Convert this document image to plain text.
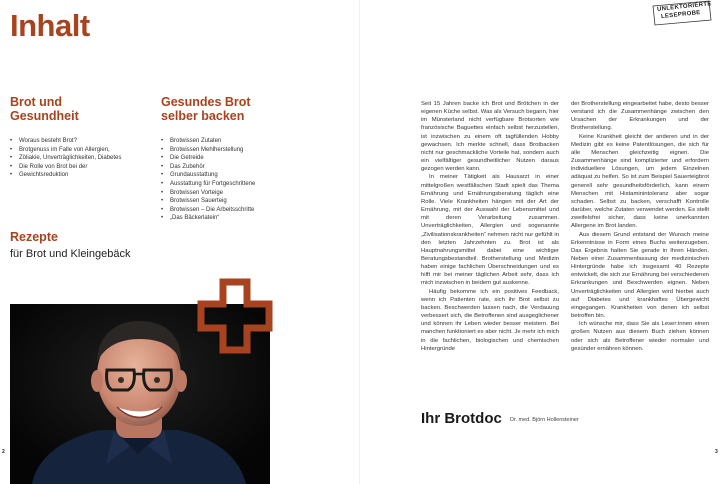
Inhalt
Brot und
Gesundheit
• Woraus besteht Brot?
• Brotgenuss im Falle von Allergien,
• Zöliakie, Unverträglichkeiten, Diabetes
• Die Rolle von Brot bei der
• Gewichtsreduktion
Gesundes Brot
selber backen
• Brotwissen Zutaten
• Brotwissen Mehlherstellung
• Die Getreide
• Das Zubehör
• Grundausstattung
• Ausstattung für Fortgeschrittene
• Brotwissen Vorteige
• Brotwissen Sauerteig
• Brotwissen – Die Arbeitsschritte
• „Das Bäckerlatein“
Rezepte

für Brot und Kleingebäck

2
UNLEKTORIERTE
LESEPROBE

Seit 15 Jahren backe ich Brot und Brötchen in der eigenen Küche selbst. Was als Versuch begann, hier im Münsterland nicht verfügbare Brotsorten wie französische Baguettes einfach selbst herzustellen, ist inzwischen zu einem oft tagfüllenden Hobby gewachsen. Ich merkte schnell, dass Brotbacken nicht nur geschmackliche Vorteile hat, sondern auch ein vielfältiger gesundheitlicher Nutzen daraus gezogen werden kann.

In meiner Tätigkeit als Hausarzt in einer mittelgroßen westfälischen Stadt spielt das Thema Ernährung und Ernährungsberatung täglich eine Rolle. Viele Krankheiten hängen mit der Art der Ernährung, mit der Auswahl der Lebensmittel und mit deren Verarbeitung zusammen. Unverträglichkeiten, Allergien und sogenannte „Zivilisationskrankheiten“ nehmen nicht nur gefühlt in den letzten Jahrzehnten zu. Brot ist als Hauptnahrungsmittel dabei eine wichtiger Beratungsbestandteil. Brotherstellung und Medizin haben einige fachlichen Überschneidungen und es hilft mir bei meiner täglichen Arbeit sehr, dass ich mich inzwischen in beidem gut auskenne.

Häufig bekomme ich ein positives Feedback, wenn ich Patienten rate, sich ihr Brot selbst zu backen. Beschwerden lassen nach, die Verdauung verbessert sich, die Betroffenen sind ausgeglichener und können ihr Leben wieder besser meistern. Bei manchen funktioniert es aber nicht. Je mehr ich mich in die fachlichen, biologischen und chemischen Hintergründe

der Brotherstellung eingearbeitet habe, desto besser verstand ich die Zusammenhänge zwischen den Ursachen der Erkrankungen und der Brotherstellung.

Keine Krankheit gleicht der anderen und in der Medizin gibt es keine Patentlösungen, die sich für alle Menschen gleichzeitig eignen. Die Zusammenhänge sind komplizierter und erfordern individuellere Lösungen, um jedem Einzelnen adäquat zu helfen. So ist zum Beispiel Sauerteigbrot generell sehr gesundheitsförderlich, kann einem Menschen mit Histaminintoleranz aber sogar schaden. Selbst zu backen, verschafft Kontrolle darüber, welche Zutaten verwendet werden. Es stellt zweifelsfrei sicher, dass keine unerkannten Allergene im Brot landen.

Aus diesem Grund entstand der Wunsch meine Erkenntnisse in Form eines Buchs weiterzugeben. Das Ergebnis halten Sie gerade in Ihren Händen. Neben einer Zusammenfassung der medizinischen Hintergründe habe ich insgesamt 40 Rezepte entwickelt, die sich zur Ernährung bei verschiedenen Erkrankungen und Beschwerden eignen. Neben Unverträglichkeiten und Allergien wird hierbei auch auf Diabetes und krankhaftes Übergewicht eingegangen. Krankheiten von denen ich selbst betroffen bin.

Ich wünsche mir, dass Sie als Leser:innen einen großen Nutzen aus diesem Buch ziehen können oder sich als Betroffener wieder normaler und gesünder ernähren können.

Ihr Brotdoc Dr. med. Björn Hollensteiner
3
